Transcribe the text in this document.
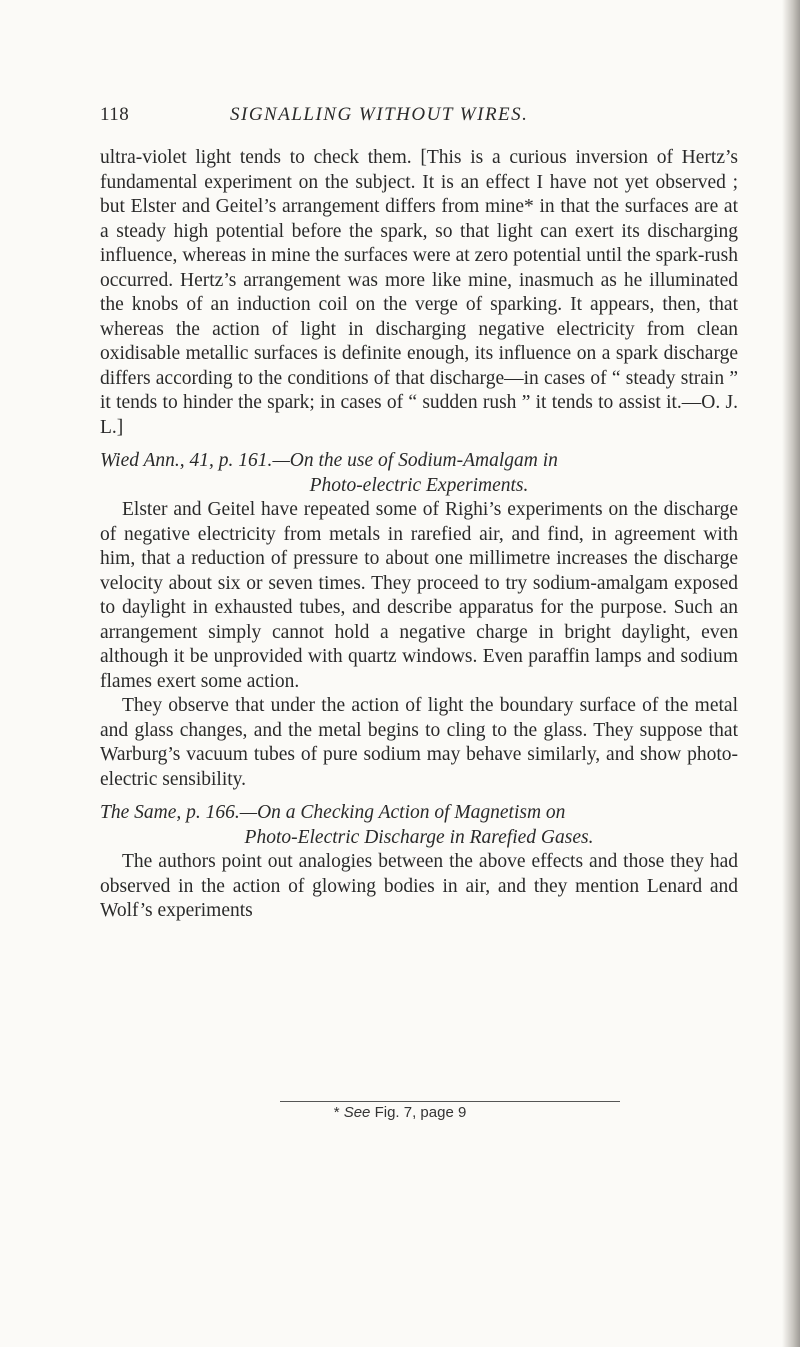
118	SIGNALLING WITHOUT WIRES.

ultra-violet light tends to check them. [This is a curious inversion of Hertz’s fundamental experiment on the subject. It is an effect I have not yet observed ; but Elster and Geitel’s arrangement differs from mine* in that the surfaces are at a steady high potential before the spark, so that light can exert its discharging influence, whereas in mine the surfaces were at zero potential until the spark-rush occurred. Hertz’s arrangement was more like mine, inasmuch as he illuminated the knobs of an induction coil on the verge of sparking. It appears, then, that whereas the action of light in discharging negative electricity from clean oxidisable metallic surfaces is definite enough, its influence on a spark discharge differs according to the conditions of that discharge—in cases of “ steady strain ” it tends to hinder the spark; in cases of “ sudden rush ” it tends to assist it.—O. J. L.]

Wied Ann., 41, p. 161.—On the use of Sodium-Amalgam in
Photo-electric Experiments.

Elster and Geitel have repeated some of Righi’s experiments on the discharge of negative electricity from metals in rarefied air, and find, in agreement with him, that a reduction of pressure to about one millimetre increases the discharge velocity about six or seven times. They proceed to try sodium-amalgam exposed to daylight in exhausted tubes, and describe apparatus for the purpose. Such an arrangement simply cannot hold a negative charge in bright daylight, even although it be unprovided with quartz windows. Even paraffin lamps and sodium flames exert some action.

They observe that under the action of light the boundary surface of the metal and glass changes, and the metal begins to cling to the glass. They suppose that Warburg’s vacuum tubes of pure sodium may behave similarly, and show photo-electric sensibility.

The Same, p. 166.—On a Checking Action of Magnetism on
Photo-Electric Discharge in Rarefied Gases.

The authors point out analogies between the above effects and those they had observed in the action of glowing bodies in air, and they mention Lenard and Wolf’s experiments

* See Fig. 7, page 9
